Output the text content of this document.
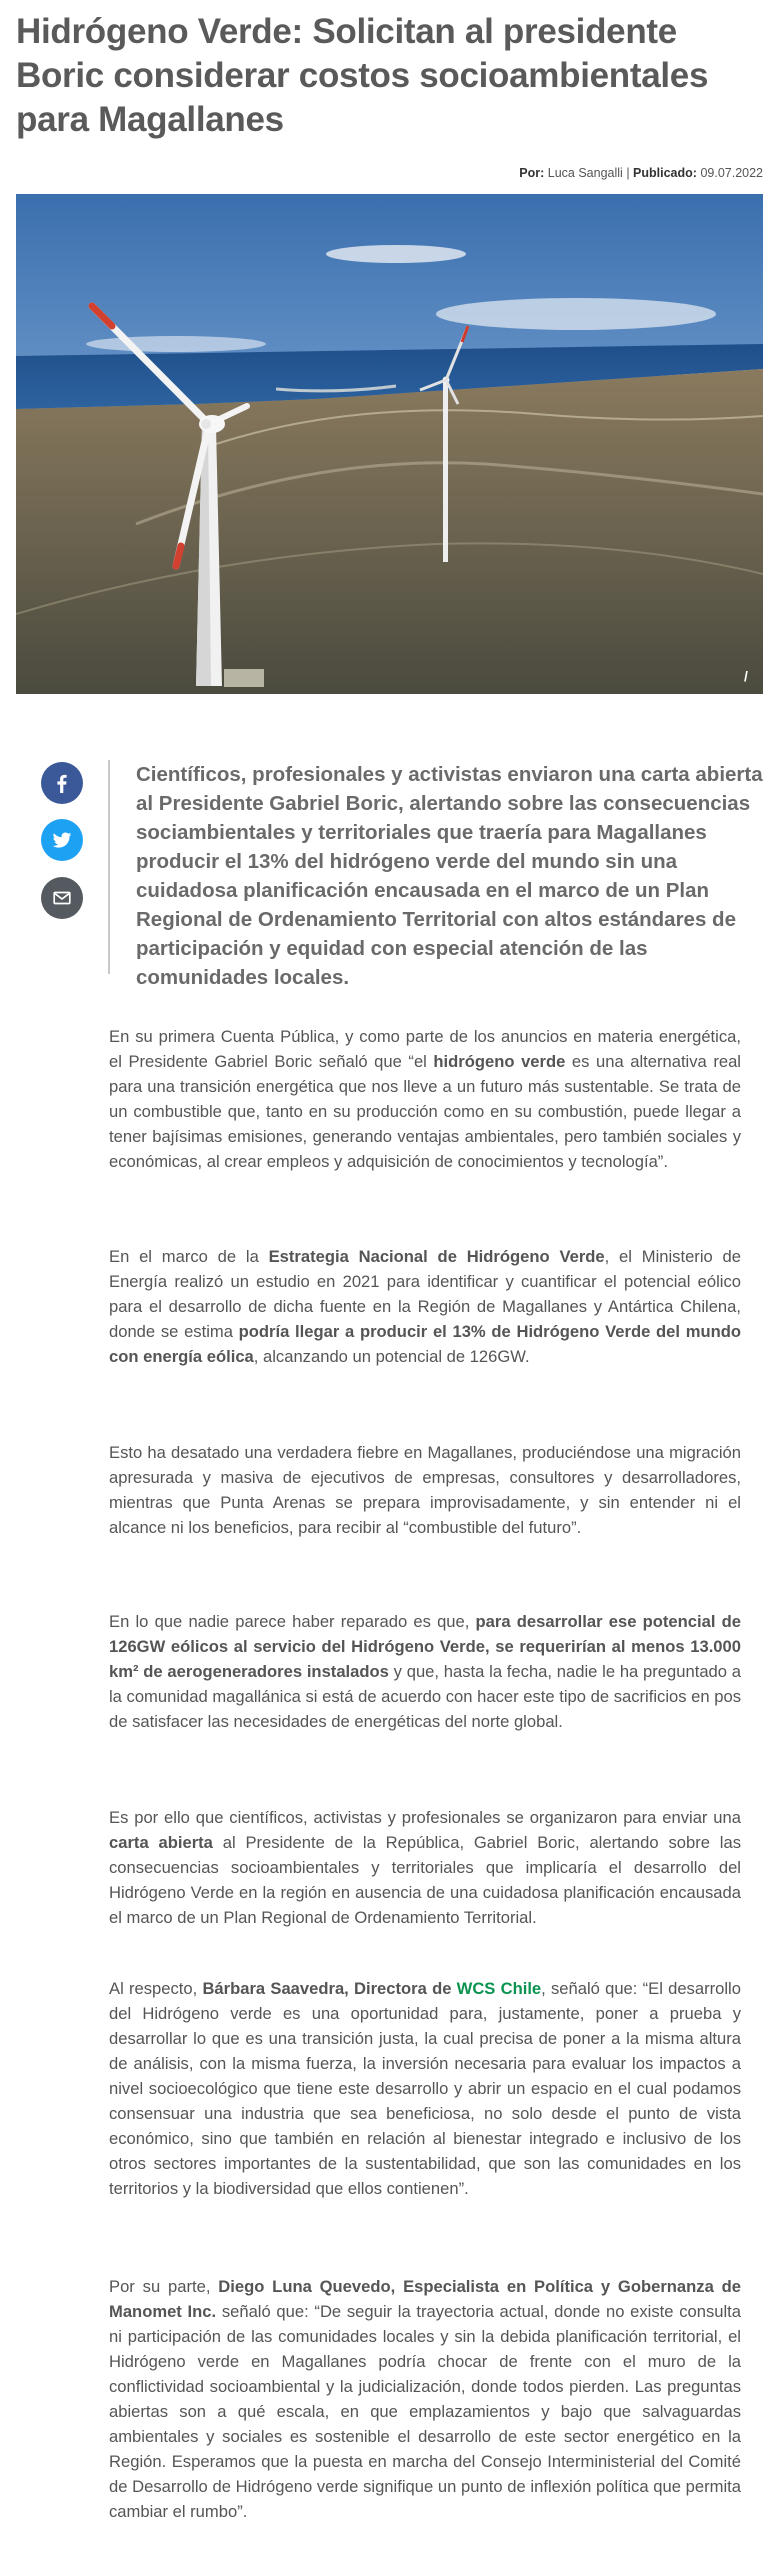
Hidrógeno Verde: Solicitan al presidente Boric considerar costos socioambientales para Magallanes
Por: Luca Sangalli | Publicado: 09.07.2022
/

Científicos, profesionales y activistas enviaron una carta abierta al Presidente Gabriel Boric, alertando sobre las consecuencias sociambientales y territoriales que traería para Magallanes producir el 13% del hidrógeno verde del mundo sin una cuidadosa planificación encausada en el marco de un Plan Regional de Ordenamiento Territorial con altos estándares de participación y equidad con especial atención de las comunidades locales.

En su primera Cuenta Pública, y como parte de los anuncios en materia energética, el Presidente Gabriel Boric señaló que “el hidrógeno verde es una alternativa real para una transición energética que nos lleve a un futuro más sustentable. Se trata de un combustible que, tanto en su producción como en su combustión, puede llegar a tener bajísimas emisiones, generando ventajas ambientales, pero también sociales y económicas, al crear empleos y adquisición de conocimientos y tecnología”.

En el marco de la Estrategia Nacional de Hidrógeno Verde, el Ministerio de Energía realizó un estudio en 2021 para identificar y cuantificar el potencial eólico para el desarrollo de dicha fuente en la Región de Magallanes y Antártica Chilena, donde se estima podría llegar a producir el 13% de Hidrógeno Verde del mundo con energía eólica, alcanzando un potencial de 126GW.

Esto ha desatado una verdadera fiebre en Magallanes, produciéndose una migración apresurada y masiva de ejecutivos de empresas, consultores y desarrolladores, mientras que Punta Arenas se prepara improvisadamente, y sin entender ni el alcance ni los beneficios, para recibir al “combustible del futuro”.

En lo que nadie parece haber reparado es que, para desarrollar ese potencial de 126GW eólicos al servicio del Hidrógeno Verde, se requerirían al menos 13.000 km² de aerogeneradores instalados y que, hasta la fecha, nadie le ha preguntado a la comunidad magallánica si está de acuerdo con hacer este tipo de sacrificios en pos de satisfacer las necesidades de energéticas del norte global.

Es por ello que científicos, activistas y profesionales se organizaron para enviar una carta abierta al Presidente de la República, Gabriel Boric, alertando sobre las consecuencias socioambientales y territoriales que implicaría el desarrollo del Hidrógeno Verde en la región en ausencia de una cuidadosa planificación encausada el marco de un Plan Regional de Ordenamiento Territorial.

Al respecto, Bárbara Saavedra, Directora de WCS Chile, señaló que: “El desarrollo del Hidrógeno verde es una oportunidad para, justamente, poner a prueba y desarrollar lo que es una transición justa, la cual precisa de poner a la misma altura de análisis, con la misma fuerza, la inversión necesaria para evaluar los impactos a nivel socioecológico que tiene este desarrollo y abrir un espacio en el cual podamos consensuar una industria que sea beneficiosa, no solo desde el punto de vista económico, sino que también en relación al bienestar integrado e inclusivo de los otros sectores importantes de la sustentabilidad, que son las comunidades en los territorios y la biodiversidad que ellos contienen”.

Por su parte, Diego Luna Quevedo, Especialista en Política y Gobernanza de Manomet Inc. señaló que: “De seguir la trayectoria actual, donde no existe consulta ni participación de las comunidades locales y sin la debida planificación territorial, el Hidrógeno verde en Magallanes podría chocar de frente con el muro de la conflictividad socioambiental y la judicialización, donde todos pierden. Las preguntas abiertas son a qué escala, en que emplazamientos y bajo que salvaguardas ambientales y sociales es sostenible el desarrollo de este sector energético en la Región. Esperamos que la puesta en marcha del Consejo Interministerial del Comité de Desarrollo de Hidrógeno verde signifique un punto de inflexión política que permita cambiar el rumbo”.
